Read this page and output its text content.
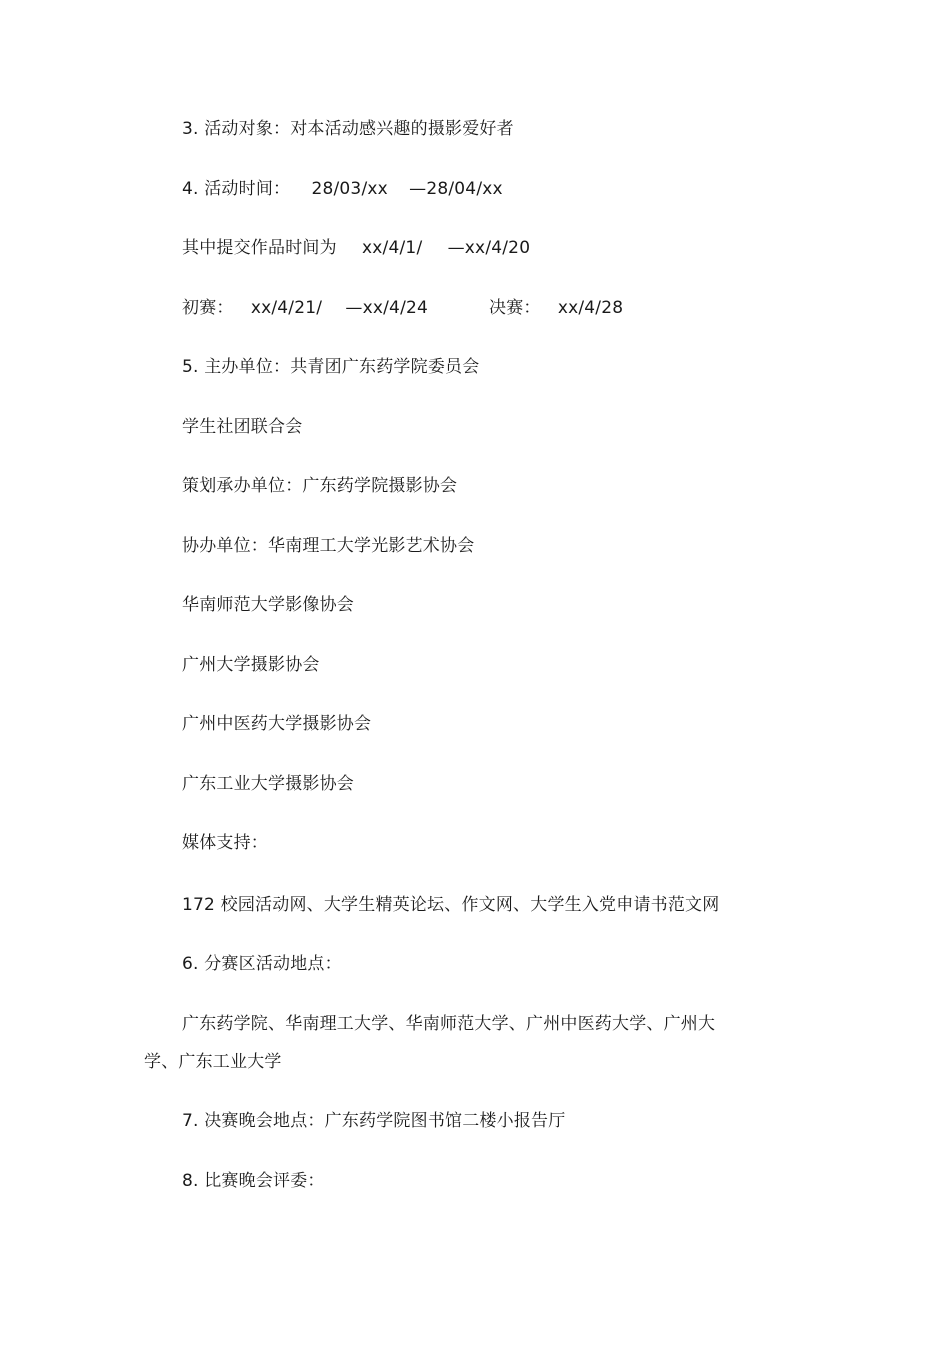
3. 活动对象：对本活动感兴趣的摄影爱好者
4. 活动时间： 28/03/xx —28/04/xx
其中提交作品时间为 xx/4/1/ —xx/4/20
初赛： xx/4/21/ —xx/4/24	决赛： xx/4/28
5. 主办单位：共青团广东药学院委员会
学生社团联合会
策划承办单位：广东药学院摄影协会
协办单位：华南理工大学光影艺术协会
华南师范大学影像协会
广州大学摄影协会
广州中医药大学摄影协会
广东工业大学摄影协会
媒体支持：
172 校园活动网、大学生精英论坛、作文网、大学生入党申请书范文网
6. 分赛区活动地点：
广东药学院、华南理工大学、华南师范大学、广州中医药大学、广州大
学、广东工业大学
7. 决赛晚会地点：广东药学院图书馆二楼小报告厅
8. 比赛晚会评委：
